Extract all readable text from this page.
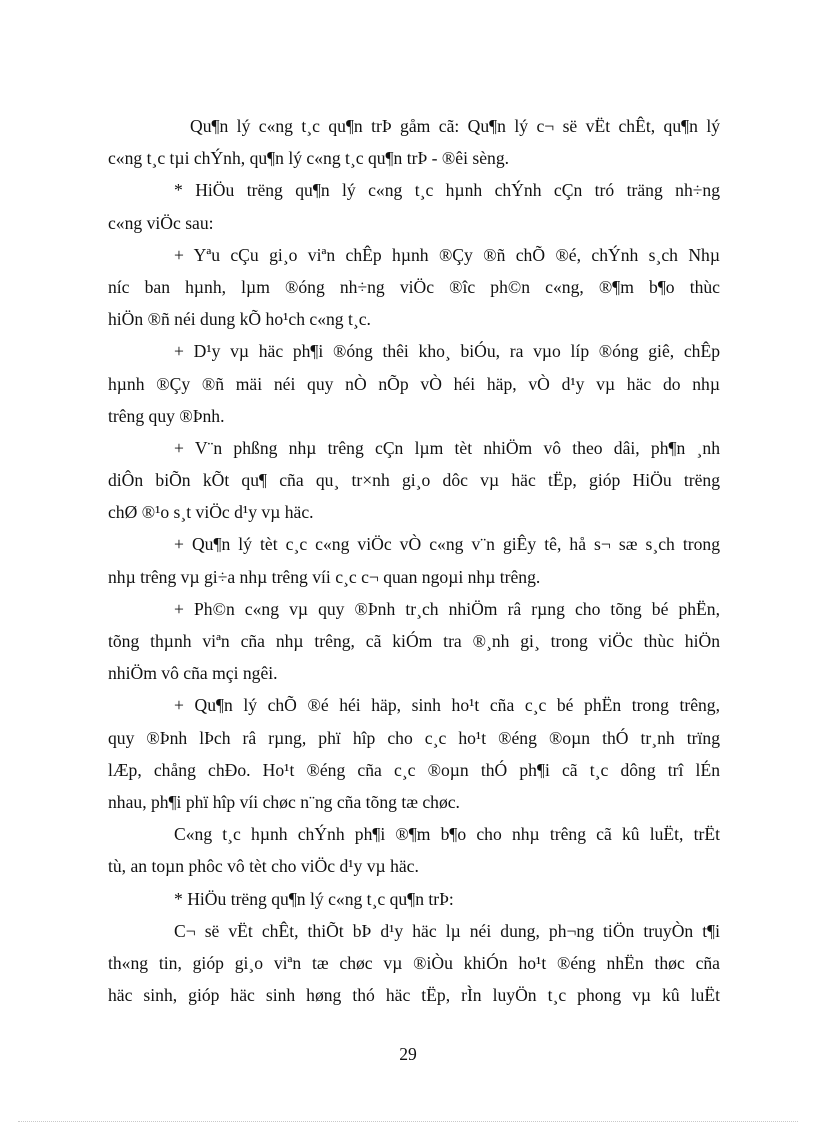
Qu¶n lý c«ng t¸c qu¶n trÞ gåm cã: Qu¶n lý c¬ së vËt chÊt, qu¶n lý
c«ng t¸c tµi chÝnh, qu¶n lý c«ng t¸c qu¶n trÞ - ®êi sèng.
* HiÖu trëng qu¶n lý c«ng t¸c hµnh chÝnh cÇn tró träng nh÷ng
c«ng viÖc sau:
+ Yªu cÇu gi¸o viªn chÊp hµnh ®Çy ®ñ chÕ ®é, chÝnh s¸ch Nhµ
níc ban hµnh, lµm ®óng nh÷ng viÖc ®îc ph©n c«ng, ®¶m b¶o thùc
hiÖn ®ñ néi dung kÕ ho¹ch c«ng t¸c.
+ D¹y vµ häc ph¶i ®óng thêi kho¸ biÓu, ra vµo líp ®óng giê, chÊp
hµnh ®Çy ®ñ mäi néi quy nÒ nÕp vÒ héi häp, vÒ d¹y vµ häc do nhµ
trêng quy ®Þnh.
+ V¨n phßng nhµ trêng cÇn lµm tèt nhiÖm vô theo dâi, ph¶n ¸nh
diÔn biÕn kÕt qu¶ cña qu¸ tr×nh gi¸o dôc vµ häc tËp, gióp HiÖu trëng
chØ ®¹o s¸t viÖc d¹y vµ häc.
+ Qu¶n lý tèt c¸c c«ng viÖc vÒ c«ng v¨n giÊy tê, hå s¬ sæ s¸ch trong
nhµ trêng vµ gi÷a nhµ trêng víi c¸c c¬ quan ngoµi nhµ trêng.
+ Ph©n c«ng vµ quy ®Þnh tr¸ch nhiÖm râ rµng cho tõng bé phËn,
tõng thµnh viªn cña nhµ trêng, cã kiÓm tra ®¸nh gi¸ trong viÖc thùc hiÖn
nhiÖm vô cña mçi ngêi.
+ Qu¶n lý chÕ ®é héi häp, sinh ho¹t cña c¸c bé phËn trong trêng,
quy ®Þnh lÞch râ rµng, phï hîp cho c¸c ho¹t ®éng ®oµn thÓ tr¸nh trïng
lÆp, chång chÐo. Ho¹t ®éng cña c¸c ®oµn thÓ ph¶i cã t¸c dông trî lÉn
nhau, ph¶i phï hîp víi chøc n¨ng cña tõng tæ chøc.
C«ng t¸c hµnh chÝnh ph¶i ®¶m b¶o cho nhµ trêng cã kû luËt, trËt
tù, an toµn phôc vô tèt cho viÖc d¹y vµ häc.
* HiÖu trëng qu¶n lý c«ng t¸c qu¶n trÞ:
C¬ së vËt chÊt, thiÕt bÞ d¹y häc lµ néi dung, ph¬ng tiÖn truyÒn t¶i
th«ng tin, gióp gi¸o viªn tæ chøc vµ ®iÒu khiÓn ho¹t ®éng nhËn thøc cña
häc sinh, gióp häc sinh høng thó häc tËp, rÌn luyÖn t¸c phong vµ kû luËt
29
